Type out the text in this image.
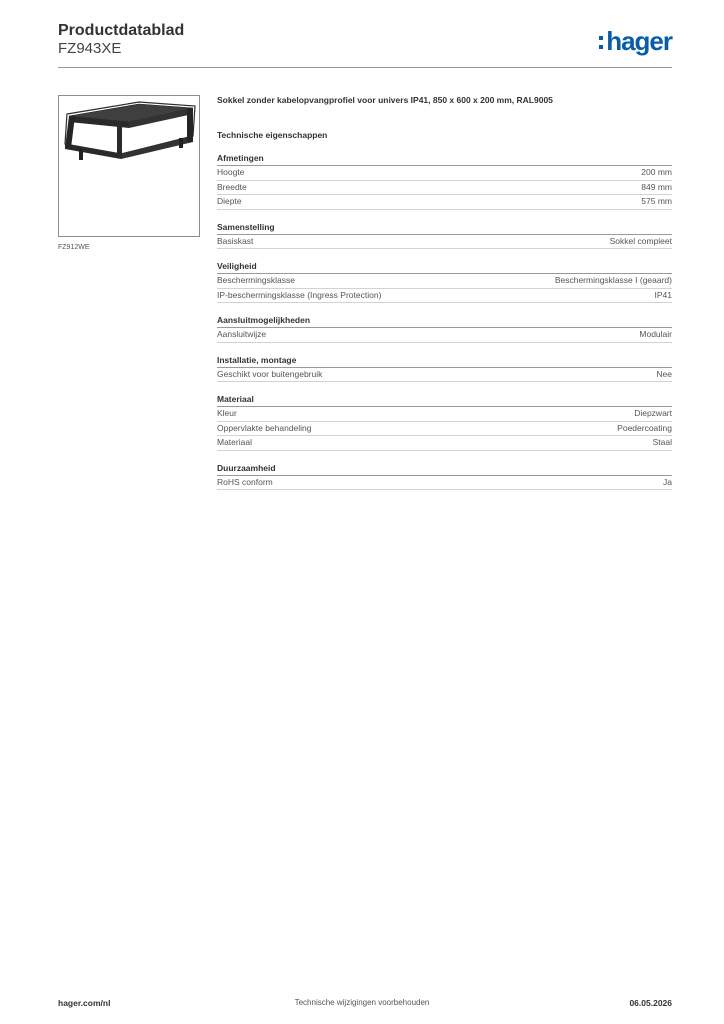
Productdatablad
FZ943XE	hager
FZ912WE

Sokkel zonder kabelopvangprofiel voor univers IP41, 850 x 600 x 200 mm, RAL9005

Technische eigenschappen

Afmetingen
Hoogte	200 mm
Breedte	849 mm
Diepte	575 mm
Samenstelling
Basiskast	Sokkel compleet
Veiligheid
Beschermingsklasse	Beschermingsklasse I (geaard)
IP-beschermingsklasse (Ingress Protection)	IP41
Aansluitmogelijkheden
Aansluitwijze	Modulair
Installatie, montage
Geschikt voor buitengebruik	Nee
Materiaal
Kleur	Diepzwart
Oppervlakte behandeling	Poedercoating
Materiaal	Staal
Duurzaamheid
RoHS conform	Ja
hager.com/nl	Technische wijzigingen voorbehouden	06.05.2026
